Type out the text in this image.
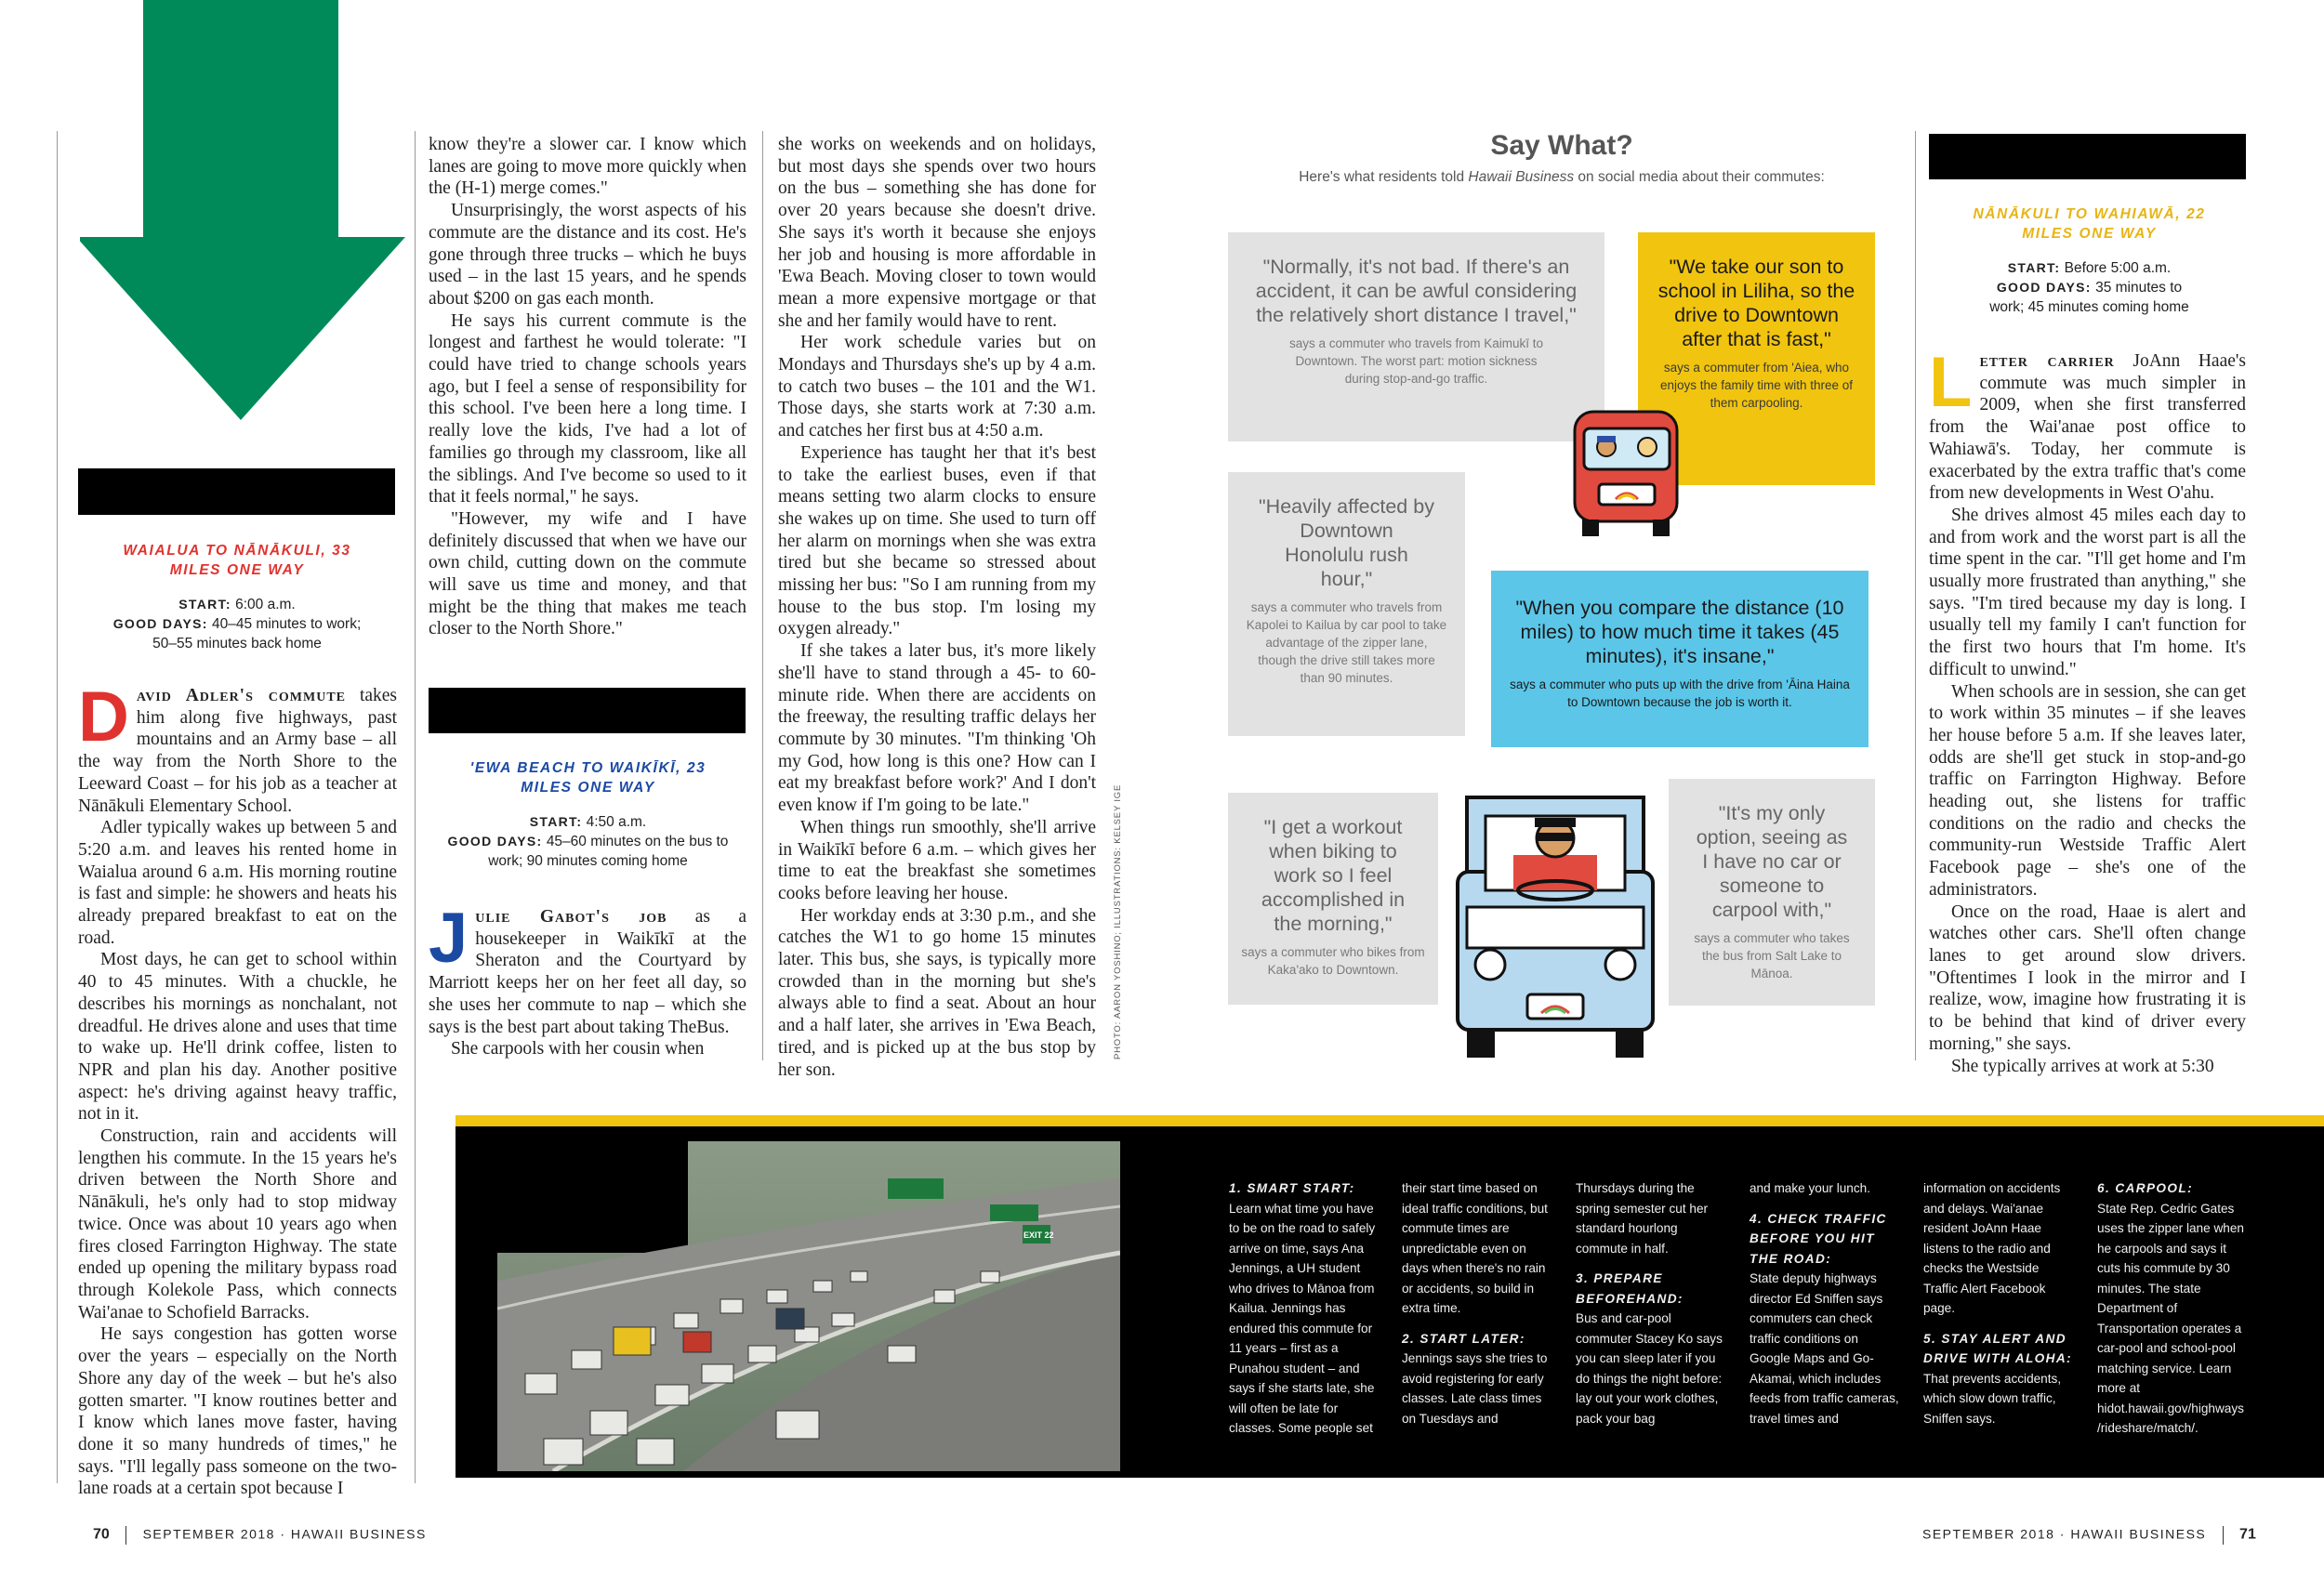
WAIALUA TO NĀNĀKULI, 33 MILES ONE WAY
START: 6:00 a.m.
GOOD DAYS: 40–45 minutes to work; 50–55 minutes back home

David Adler's commute takes him along five highways, past mountains and an Army base – all the way from the North Shore to the Leeward Coast – for his job as a teacher at Nānākuli Elementary School.

Adler typically wakes up between 5 and 5:20 a.m. and leaves his rented home in Waialua around 6 a.m. His morning routine is fast and simple: he showers and heats his already prepared breakfast to eat on the road.

Most days, he can get to school within 40 to 45 minutes. With a chuckle, he describes his mornings as nonchalant, not dreadful. He drives alone and uses that time to wake up. He'll drink coffee, listen to NPR and plan his day. Another positive aspect: he's driving against heavy traffic, not in it.

Construction, rain and accidents will lengthen his commute. In the 15 years he's driven between the North Shore and Nānākuli, he's only had to stop midway twice. Once was about 10 years ago when fires closed Farrington Highway. The state ended up opening the military bypass road through Kolekole Pass, which connects Wai'anae to Schofield Barracks.

He says congestion has gotten worse over the years – especially on the North Shore any day of the week – but he's also gotten smarter. "I know routines better and I know which lanes move faster, having done it so many hundreds of times," he says. "I'll legally pass someone on the two-lane roads at a certain spot because I

know they're a slower car. I know which lanes are going to move more quickly when the (H-1) merge comes."

Unsurprisingly, the worst aspects of his commute are the distance and its cost. He's gone through three trucks – which he buys used – in the last 15 years, and he spends about $200 on gas each month.

He says his current commute is the longest and farthest he would tolerate: "I could have tried to change schools years ago, but I feel a sense of responsibility for this school. I've been here a long time. I really love the kids, I've had a lot of families go through my classroom, like all the siblings. And I've become so used to it that it feels normal," he says.

"However, my wife and I have definitely discussed that when we have our own child, cutting down on the commute will save us time and money, and that might be the thing that makes me teach closer to the North Shore."

'EWA BEACH TO WAIKĪKĪ, 23 MILES ONE WAY
START: 4:50 a.m.
GOOD DAYS: 45–60 minutes on the bus to work; 90 minutes coming home

Julie Gabot's job as a housekeeper in Waikīkī at the Sheraton and the Courtyard by Marriott keeps her on her feet all day, so she uses her commute to nap – which she says is the best part about taking TheBus.

She carpools with her cousin when

she works on weekends and on holidays, but most days she spends over two hours on the bus – something she has done for over 20 years because she doesn't drive. She says it's worth it because she enjoys her job and housing is more affordable in 'Ewa Beach. Moving closer to town would mean a more expensive mortgage or that she and her family would have to rent.

Her work schedule varies but on Mondays and Thursdays she's up by 4 a.m. to catch two buses – the 101 and the W1. Those days, she starts work at 7:30 a.m. and catches her first bus at 4:50 a.m.

Experience has taught her that it's best to take the earliest buses, even if that means setting two alarm clocks to ensure she wakes up on time. She used to turn off her alarm on mornings when she was extra tired but she became so stressed about missing her bus: "So I am running from my house to the bus stop. I'm losing my oxygen already."

If she takes a later bus, it's more likely she'll have to stand through a 45- to 60-minute ride. When there are accidents on the freeway, the resulting traffic delays her commute by 30 minutes. "I'm thinking 'Oh my God, how long is this one? How can I eat my breakfast before work?' And I don't even know if I'm going to be late."

When things run smoothly, she'll arrive in Waikīkī before 6 a.m. – which gives her time to eat the breakfast she sometimes cooks before leaving her house.

Her workday ends at 3:30 p.m., and she catches the W1 to go home 15 minutes later. This bus, she says, is typically more crowded than in the morning but she's always able to find a seat. About an hour and a half later, she arrives in 'Ewa Beach, tired, and is picked up at the bus stop by her son.

PHOTO: AARON YOSHINO; ILLUSTRATIONS: KELSEY IGE
Say What?
Here's what residents told Hawaii Business on social media about their commutes:
"Normally, it's not bad. If there's an accident, it can be awful considering the relatively short distance I travel,"
says a commuter who travels from Kaimukī to Downtown. The worst part: motion sickness during stop-and-go traffic.
"We take our son to school in Liliha, so the drive to Downtown after that is fast,"
says a commuter from 'Aiea, who enjoys the family time with three of them carpooling.
"Heavily affected by Downtown Honolulu rush hour,"
says a commuter who travels from Kapolei to Kailua by car pool to take advantage of the zipper lane, though the drive still takes more than 90 minutes.
"When you compare the distance (10 miles) to how much time it takes (45 minutes), it's insane,"
says a commuter who puts up with the drive from 'Āina Haina to Downtown because the job is worth it.
"I get a workout when biking to work so I feel accomplished in the morning,"
says a commuter who bikes from Kaka'ako to Downtown.
"It's my only option, seeing as I have no car or someone to carpool with,"
says a commuter who takes the bus from Salt Lake to Mānoa.
NĀNĀKULI TO WAHIAWĀ, 22 MILES ONE WAY
START: Before 5:00 a.m.
GOOD DAYS: 35 minutes to work; 45 minutes coming home

Letter carrier JoAnn Haae's commute was much simpler in 2009, when she first transferred from the Wai'anae post office to Wahiawā's. Today, her commute is exacerbated by the extra traffic that's come from new developments in West O'ahu.

She drives almost 45 miles each day to and from work and the worst part is all the time spent in the car. "I'll get home and I'm usually more frustrated than anything," she says. "I'm tired because my day is long. I usually tell my family I can't function for the first two hours that I'm home. It's difficult to unwind."

When schools are in session, she can get to work within 35 minutes – if she leaves her house before 5 a.m. If she leaves later, odds are she'll get stuck in stop-and-go traffic on Farrington Highway. Before heading out, she listens for traffic conditions on the radio and checks the community-run Westside Traffic Alert Facebook page – she's one of the administrators.

Once on the road, Haae is alert and watches other cars. She'll often change lanes to get around slow drivers. "Oftentimes I look in the mirror and I realize, wow, imagine how frustrating it is to be behind that kind of driver every morning," she says.

She typically arrives at work at 5:30

EXIT 22
1. SMART START:
Learn what time you have to be on the road to safely arrive on time, says Ana Jennings, a UH student who drives to Mānoa from Kailua. Jennings has endured this commute for 11 years – first as a Punahou student – and says if she starts late, she will often be late for classes. Some people set
their start time based on ideal traffic conditions, but commute times are unpredictable even on days when there's no rain or accidents, so build in extra time.
2. START LATER:
Jennings says she tries to avoid registering for early classes. Late class times on Tuesdays and
Thursdays during the spring semester cut her standard hourlong commute in half.
3. PREPARE BEFOREHAND:
Bus and car-pool commuter Stacey Ko says you can sleep later if you do things the night before: lay out your work clothes, pack your bag
and make your lunch.
4. CHECK TRAFFIC BEFORE YOU HIT THE ROAD:
State deputy highways director Ed Sniffen says commuters can check traffic conditions on Google Maps and Go-Akamai, which includes feeds from traffic cameras, travel times and
information on accidents and delays. Wai'anae resident JoAnn Haae listens to the radio and checks the Westside Traffic Alert Facebook page.
5. STAY ALERT AND DRIVE WITH ALOHA:
That prevents accidents, which slow down traffic, Sniffen says.
6. CARPOOL:
State Rep. Cedric Gates uses the zipper lane when he carpools and says it cuts his commute by 30 minutes. The state Department of Transportation operates a car-pool and school-pool matching service. Learn more at hidot.hawaii.gov/highways/rideshare/match/.
70	SEPTEMBER 2018 · HAWAII BUSINESS	SEPTEMBER 2018 · HAWAII BUSINESS 71
